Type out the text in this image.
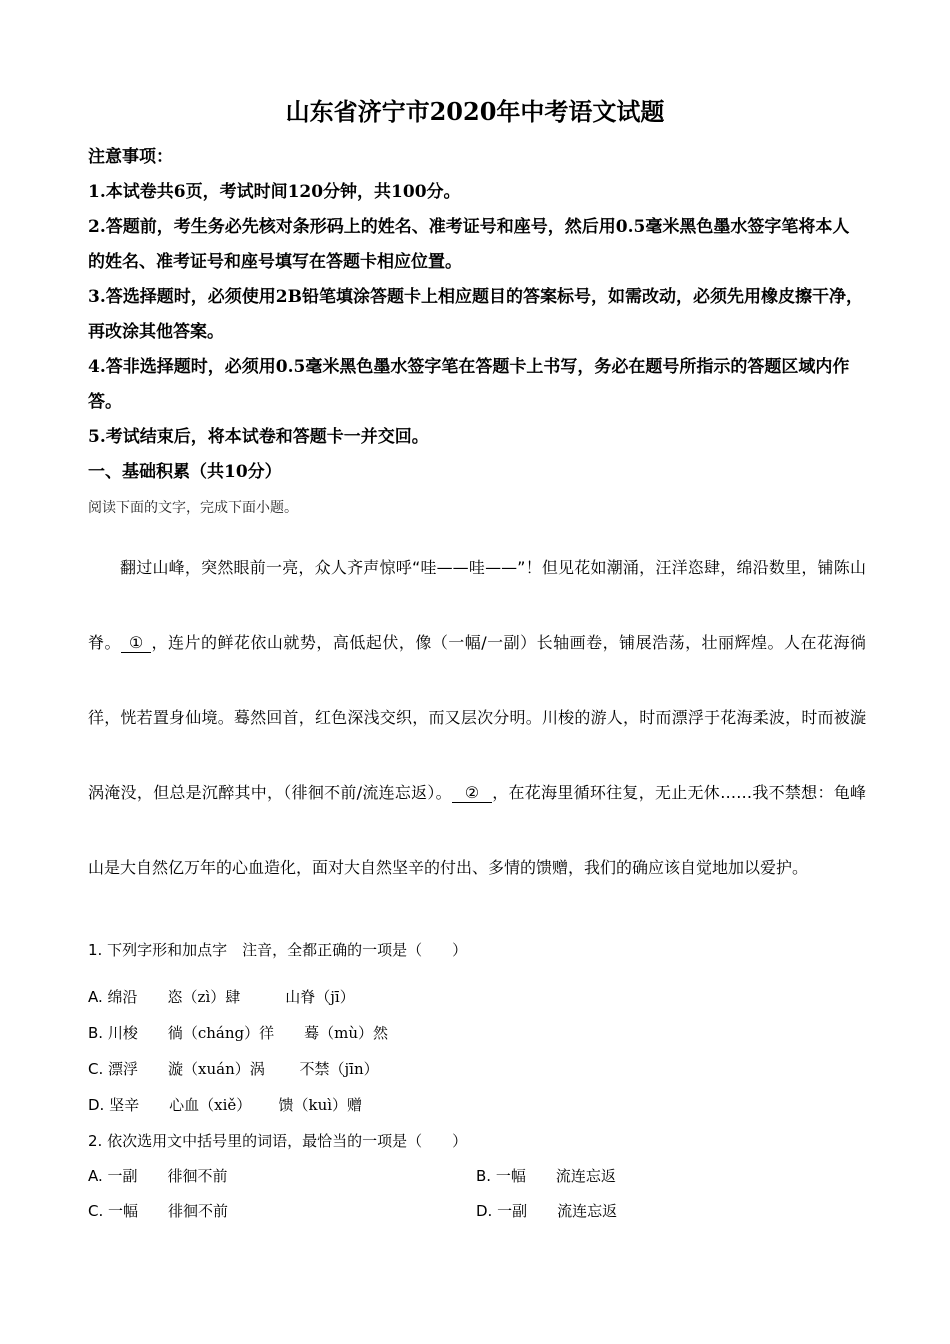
山东省济宁市2020年中考语文试题

注意事项：

1.本试卷共6页，考试时间120分钟，共100分。

2.答题前，考生务必先核对条形码上的姓名、准考证号和座号，然后用0.5毫米黑色墨水签字笔将本人的姓名、准考证号和座号填写在答题卡相应位置。

3.答选择题时，必须使用2B铅笔填涂答题卡上相应题目的答案标号，如需改动，必须先用橡皮擦干净，再改涂其他答案。

4.答非选择题时，必须用0.5毫米黑色墨水签字笔在答题卡上书写，务必在题号所指示的答题区域内作答。

5.考试结束后，将本试卷和答题卡一并交回。

一、基础积累（共10分）
阅读下面的文字，完成下面小题。

翻过山峰，突然眼前一亮，众人齐声惊呼“哇——哇——”！但见花如潮涌，汪洋恣肆，绵沿数里，铺陈山脊。 ① ，连片的鲜花依山就势，高低起伏，像（一幅/一副）长轴画卷，铺展浩荡，壮丽辉煌。人在花海徜徉，恍若置身仙境。蓦然回首，红色深浅交织，而又层次分明。川梭的游人，时而漂浮于花海柔波，时而被漩涡淹没，但总是沉醉其中，（徘徊不前/流连忘返）。 ② ，在花海里循环往复，无止无休……我不禁想：龟峰山是大自然亿万年的心血造化，面对大自然坚辛的付出、多情的馈赠，我们的确应该自觉地加以爱护。

1. 下列字形和加点字　注音，全都正确的一项是（　　）
A. 绵沿　　恣（zì）肆　　　山脊（jī）
B. 川梭　　徜（cháng）徉　　蓦（mù）然
C. 漂浮　　漩（xuán）涡　　 不禁（jīn）
D. 坚辛　　心血（xiě）　　 馈（kuì）赠
2. 依次选用文中括号里的词语，最恰当的一项是（　　）
A. 一副　　徘徊不前	B. 一幅　　流连忘返
C. 一幅　　徘徊不前	D. 一副　　流连忘返
